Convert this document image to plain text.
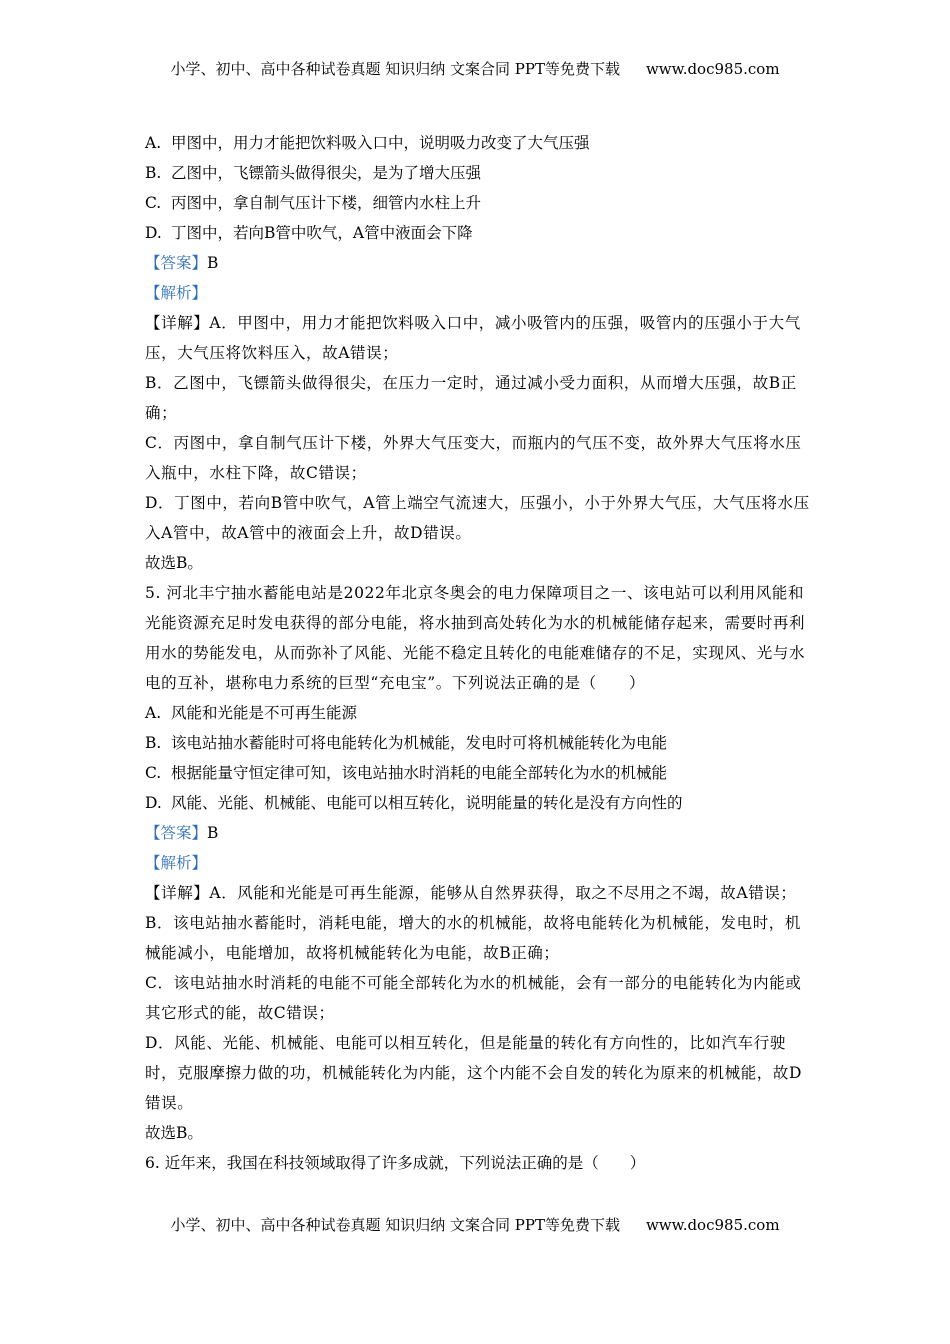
小学、初中、高中各种试卷真题 知识归纳 文案合同 PPT等免费下载 www.doc985.com
A. 甲图中，用力才能把饮料吸入口中，说明吸力改变了大气压强
B. 乙图中，飞镖箭头做得很尖，是为了增大压强
C. 丙图中，拿自制气压计下楼，细管内水柱上升
D. 丁图中，若向B管中吹气，A管中液面会下降
【答案】B
【解析】
【详解】A．甲图中，用力才能把饮料吸入口中，减小吸管内的压强，吸管内的压强小于大气压，大气压将饮料压入，故A错误；
B．乙图中，飞镖箭头做得很尖，在压力一定时，通过减小受力面积，从而增大压强，故B正确；
C．丙图中，拿自制气压计下楼，外界大气压变大，而瓶内的气压不变，故外界大气压将水压入瓶中，水柱下降，故C错误；
D．丁图中，若向B管中吹气，A管上端空气流速大，压强小，小于外界大气压，大气压将水压入A管中，故A管中的液面会上升，故D错误。
故选B。
5. 河北丰宁抽水蓄能电站是2022年北京冬奥会的电力保障项目之一、该电站可以利用风能和光能资源充足时发电获得的部分电能，将水抽到高处转化为水的机械能储存起来，需要时再利用水的势能发电，从而弥补了风能、光能不稳定且转化的电能难储存的不足，实现风、光与水电的互补，堪称电力系统的巨型“充电宝”。下列说法正确的是（　　）
A. 风能和光能是不可再生能源
B. 该电站抽水蓄能时可将电能转化为机械能，发电时可将机械能转化为电能
C. 根据能量守恒定律可知，该电站抽水时消耗的电能全部转化为水的机械能
D. 风能、光能、机械能、电能可以相互转化，说明能量的转化是没有方向性的
【答案】B
【解析】
【详解】A．风能和光能是可再生能源，能够从自然界获得，取之不尽用之不竭，故A错误；
B．该电站抽水蓄能时，消耗电能，增大的水的机械能，故将电能转化为机械能，发电时，机械能减小，电能增加，故将机械能转化为电能，故B正确；
C．该电站抽水时消耗的电能不可能全部转化为水的机械能，会有一部分的电能转化为内能或其它形式的能，故C错误；
D．风能、光能、机械能、电能可以相互转化，但是能量的转化有方向性的，比如汽车行驶时，克服摩擦力做的功，机械能转化为内能，这个内能不会自发的转化为原来的机械能，故D错误。
故选B。
6. 近年来，我国在科技领域取得了许多成就，下列说法正确的是（　　）
小学、初中、高中各种试卷真题 知识归纳 文案合同 PPT等免费下载 www.doc985.com
